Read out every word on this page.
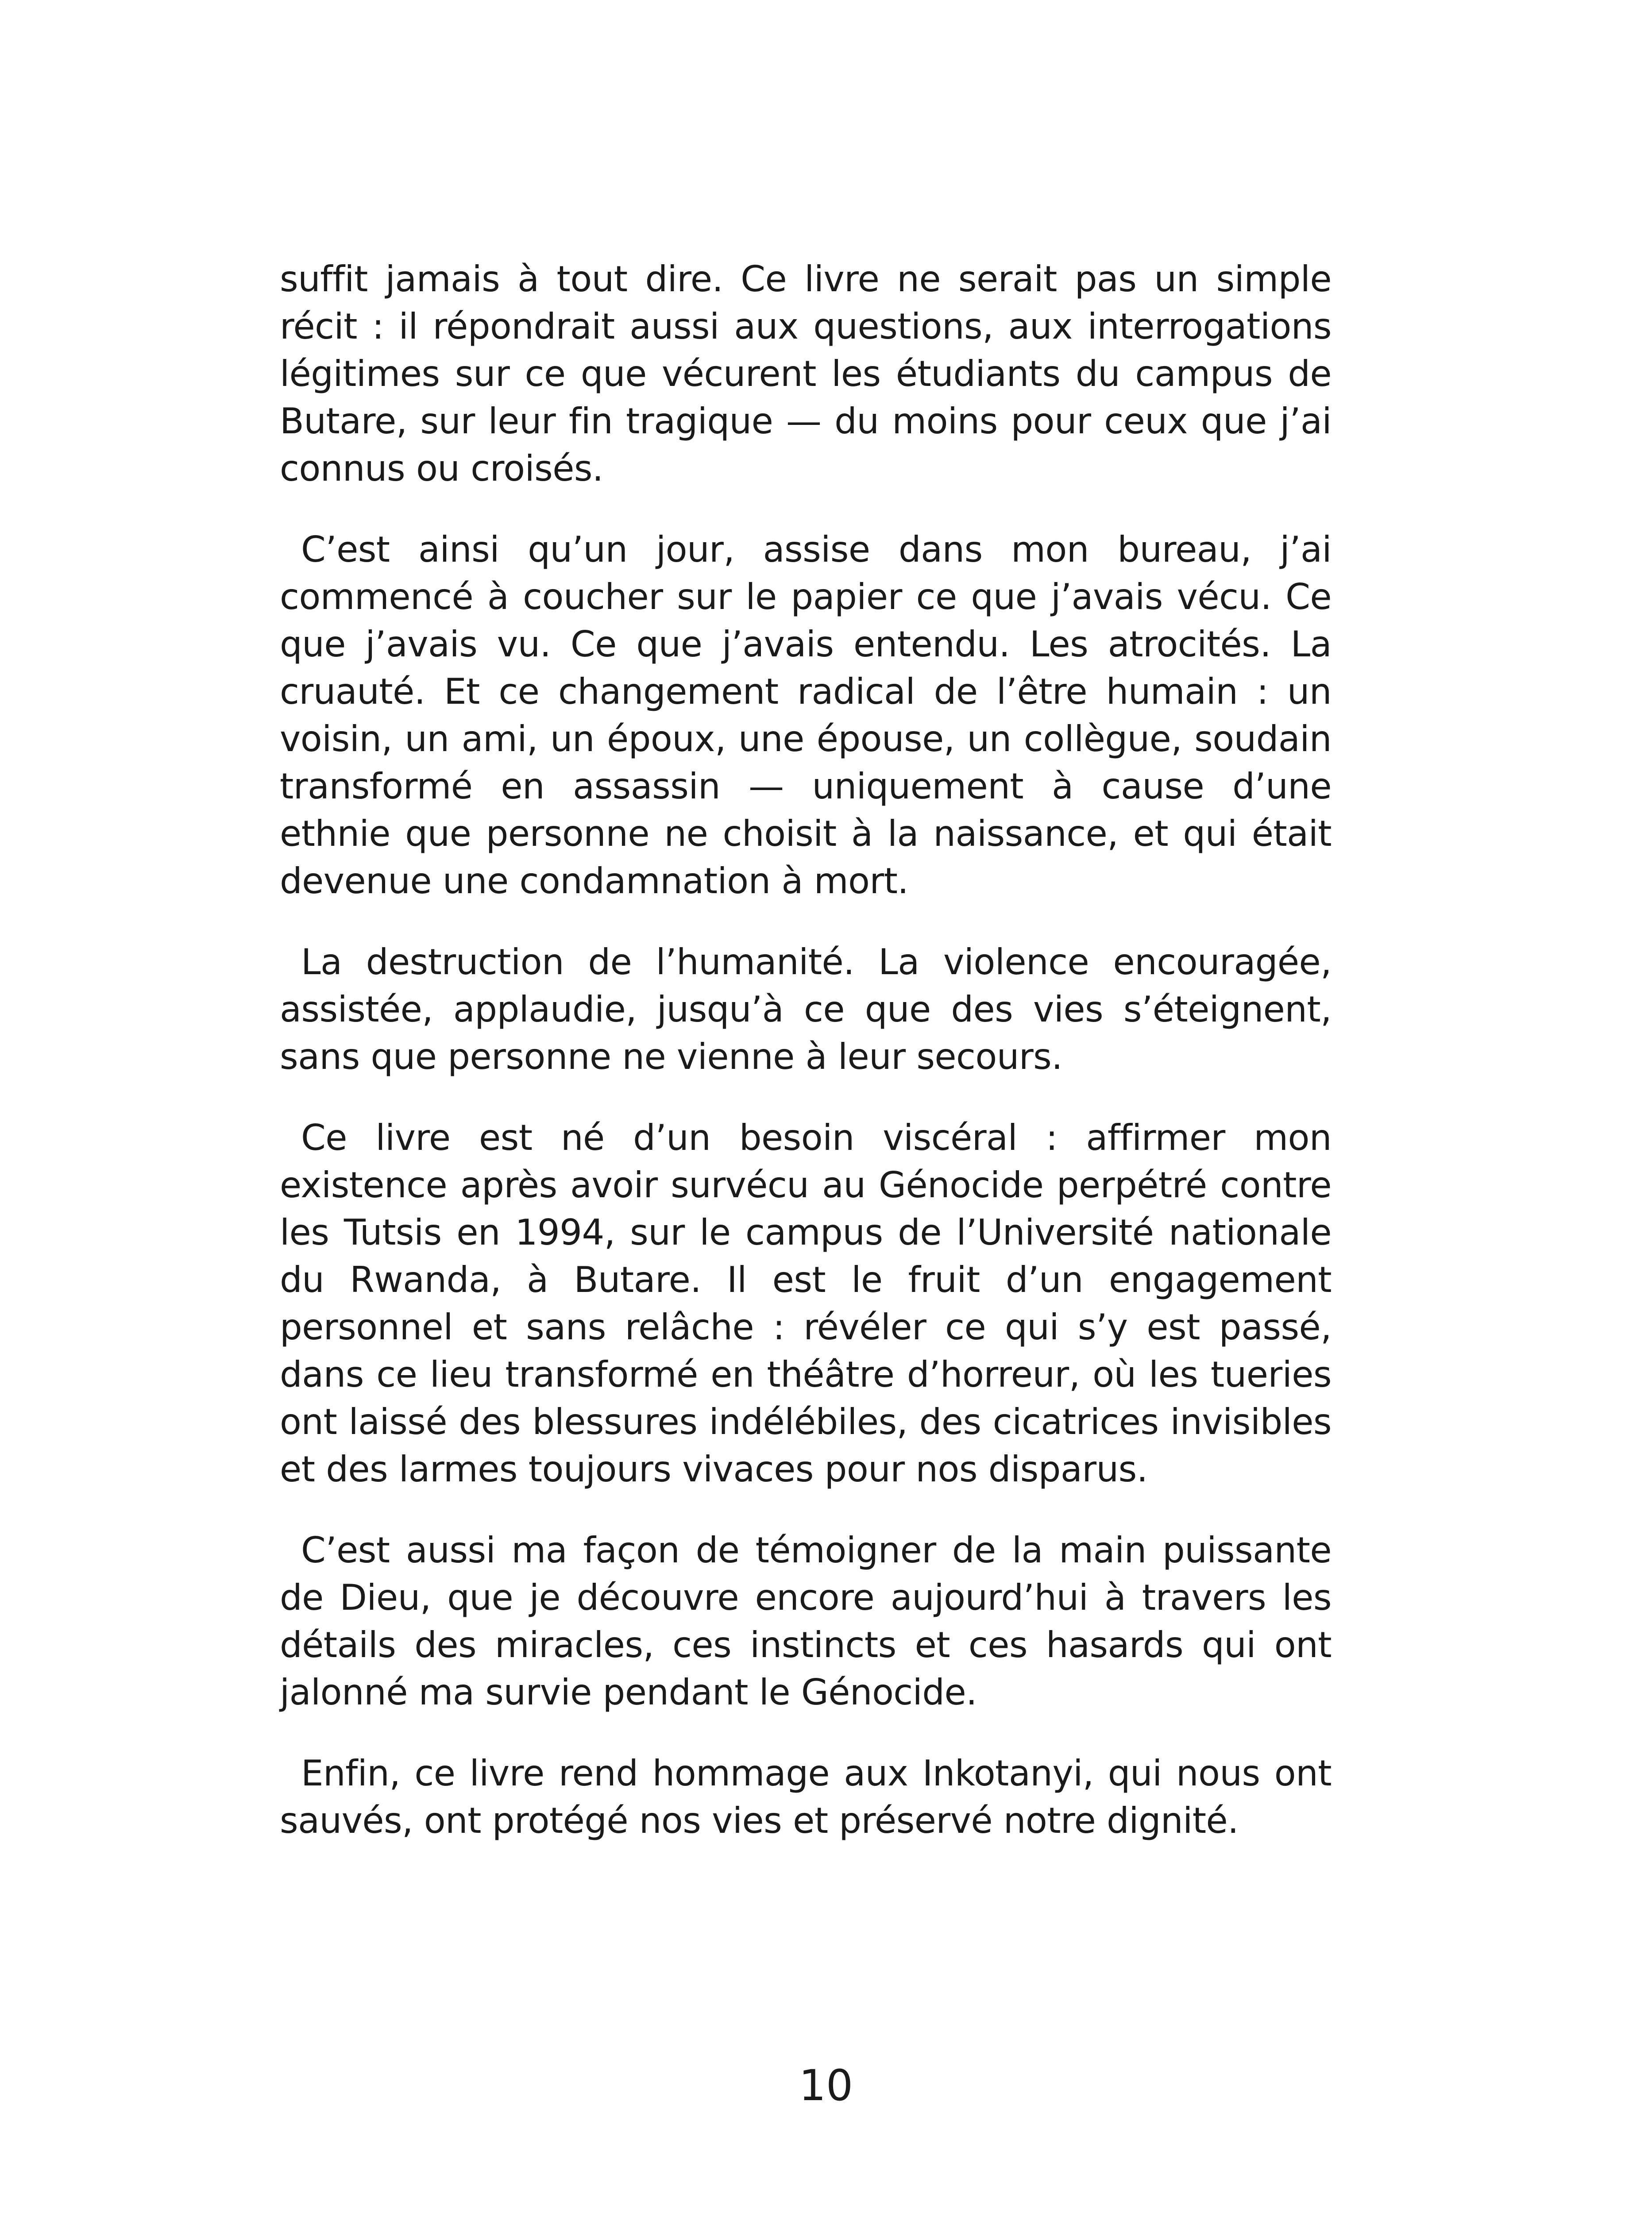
suffit jamais à tout dire. Ce livre ne serait pas un simple récit : il répondrait aussi aux questions, aux interrogations légitimes sur ce que vécurent les étudiants du campus de Butare, sur leur fin tragique — du moins pour ceux que j’ai connus ou croisés.

C’est ainsi qu’un jour, assise dans mon bureau, j’ai commencé à coucher sur le papier ce que j’avais vécu. Ce que j’avais vu. Ce que j’avais entendu. Les atrocités. La cruauté. Et ce changement radical de l’être humain : un voisin, un ami, un époux, une épouse, un collègue, soudain transformé en assassin — uniquement à cause d’une ethnie que personne ne choisit à la naissance, et qui était devenue une condamnation à mort.

La destruction de l’humanité. La violence encouragée, assistée, applaudie, jusqu’à ce que des vies s’éteignent, sans que personne ne vienne à leur secours.

Ce livre est né d’un besoin viscéral : affirmer mon existence après avoir survécu au Génocide perpétré contre les Tutsis en 1994, sur le campus de l’Université nationale du Rwanda, à Butare. Il est le fruit d’un engagement personnel et sans relâche : révéler ce qui s’y est passé, dans ce lieu transformé en théâtre d’horreur, où les tueries ont laissé des blessures indélébiles, des cicatrices invisibles et des larmes toujours vivaces pour nos disparus.

C’est aussi ma façon de témoigner de la main puissante de Dieu, que je découvre encore aujourd’hui à travers les détails des miracles, ces instincts et ces hasards qui ont jalonné ma survie pendant le Génocide.

Enfin, ce livre rend hommage aux Inkotanyi, qui nous ont sauvés, ont protégé nos vies et préservé notre dignité.

10
